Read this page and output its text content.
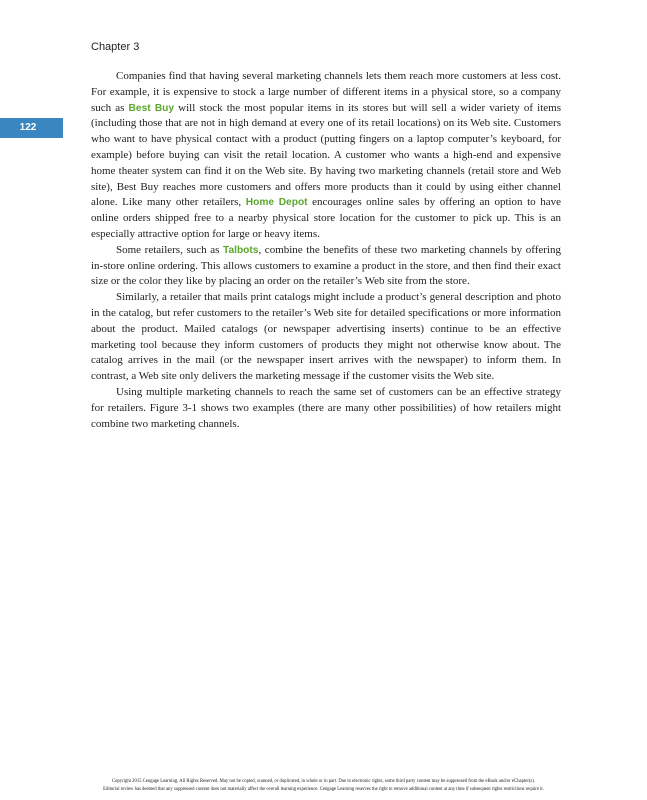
Chapter 3
122

Companies find that having several marketing channels lets them reach more customers at less cost. For example, it is expensive to stock a large number of different items in a physical store, so a company such as Best Buy will stock the most popular items in its stores but will sell a wider variety of items (including those that are not in high demand at every one of its retail locations) on its Web site. Customers who want to have physical contact with a product (putting fingers on a laptop computer’s keyboard, for example) before buying can visit the retail location. A customer who wants a high-end and expensive home theater system can find it on the Web site. By having two marketing channels (retail store and Web site), Best Buy reaches more customers and offers more products than it could by using either channel alone. Like many other retailers, Home Depot encourages online sales by offering an option to have online orders shipped free to a nearby physical store location for the customer to pick up. This is an especially attractive option for large or heavy items.

Some retailers, such as Talbots, combine the benefits of these two marketing channels by offering in-store online ordering. This allows customers to examine a product in the store, and then find their exact size or the color they like by placing an order on the retailer’s Web site from the store.

Similarly, a retailer that mails print catalogs might include a product’s general description and photo in the catalog, but refer customers to the retailer’s Web site for detailed specifications or more information about the product. Mailed catalogs (or newspaper advertising inserts) continue to be an effective marketing tool because they inform customers of products they might not otherwise know about. The catalog arrives in the mail (or the newspaper insert arrives with the newspaper) to inform them. In contrast, a Web site only delivers the marketing message if the customer visits the Web site.

Using multiple marketing channels to reach the same set of customers can be an effective strategy for retailers. Figure 3-1 shows two examples (there are many other possibilities) of how retailers might combine two marketing channels.

Copyright 2015 Cengage Learning. All Rights Reserved. May not be copied, scanned, or duplicated, in whole or in part. Due to electronic rights, some third party content may be suppressed from the eBook and/or eChapter(s).
Editorial review has deemed that any suppressed content does not materially affect the overall learning experience. Cengage Learning reserves the right to remove additional content at any time if subsequent rights restrictions require it.
